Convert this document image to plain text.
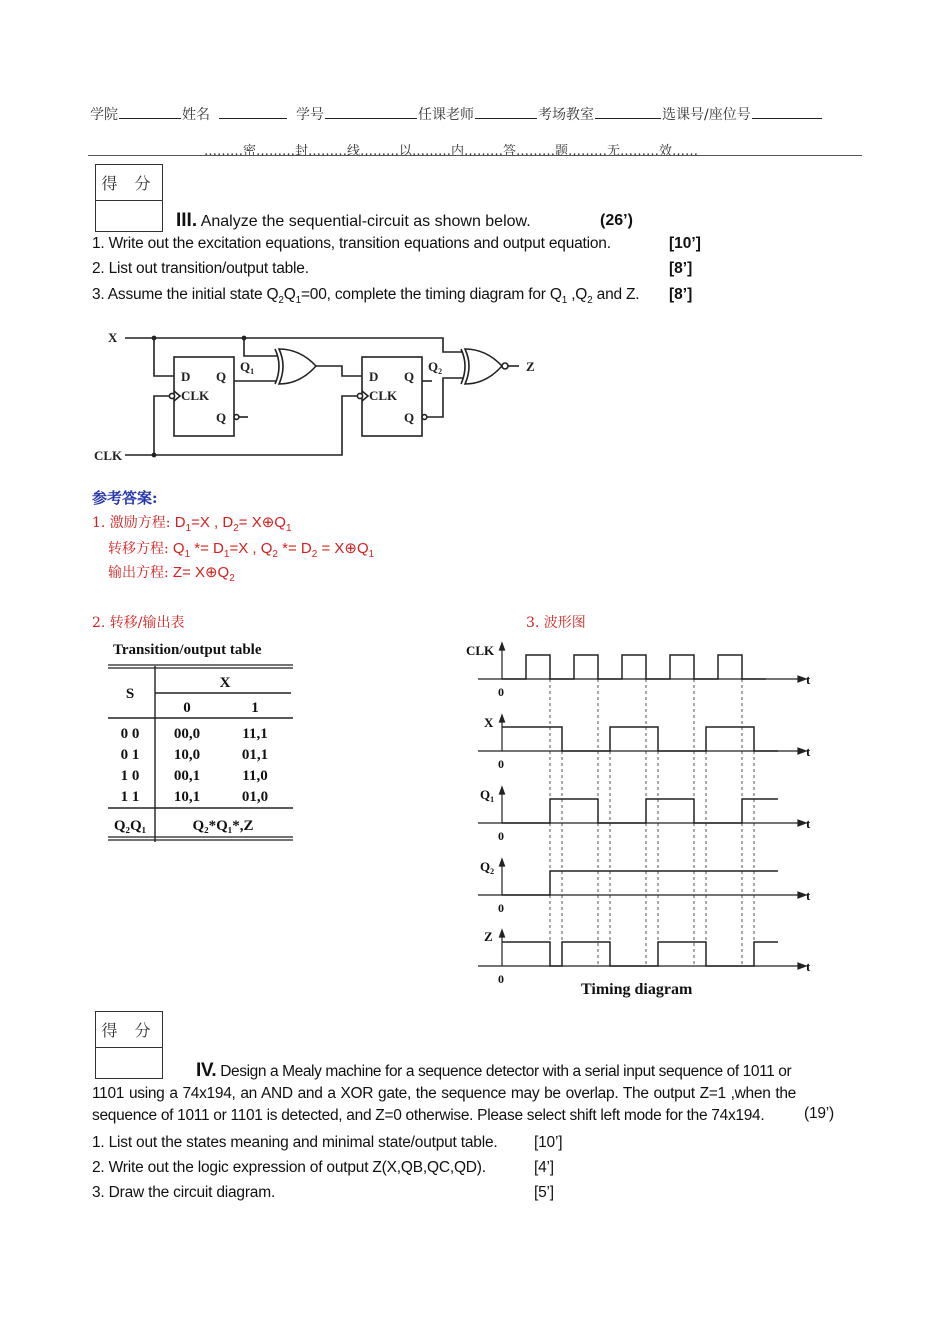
学院	姓名	学号	任课老师	考场教室	选课号/座位号
………密………封………线………以………内………答………题………无………效……
得 分
III. Analyze the sequential-circuit as shown below.	(26’)
1. Write out the excitation equations, transition equations and output equation.	[10’]
2. List out transition/output table.	[8’]
3. Assume the initial state $Q_2Q_1=00$, complete the timing diagram for $Q_1$ $,Q_2$ and Z. [8’]
X
CLK
D Q
CLK
Q
$Q_1$	D Q
CLK
Q
$Q_2$	Z
参考答案:
1. 激励方程: $D_1=X$ , $D_2=$ $X\oplus Q_1$
转移方程: $Q_1 *= D_1=X$ , $Q_2 *= D_2$ = $X\oplus Q_1$
输出方程: $Z= X\oplus Q_2$
2. 转移/输出表	3. 波形图
Transition/output table
S
X
0	1
0 0 00,0	11,1
0 1 10,0	01,1
1 0 00,1	11,0
1 1 10,1	01,0
Q₂Q₁	Q₂*Q₁*,Z
CLK
X
$Q_1$
$Q_2$
Z
0
0
0
0
0
t
t
t
t
t
Timing diagram
得 分
IV. Design a Mealy machine for a sequence detector with a serial input sequence of 1011 or
1101 using a 74x194, an AND and a XOR gate, the sequence may be overlap. The output Z=1 ,when the sequence of 1011 or 1101 is detected, and Z=0 otherwise. Please select shift left mode for the 74x194.	(19’)
1. List out the states meaning and minimal state/output table. [10’]
2. Write out the logic expression of output Z(X,QB,QC,QD).	[4’]
3. Draw the circuit diagram.	[5’]
